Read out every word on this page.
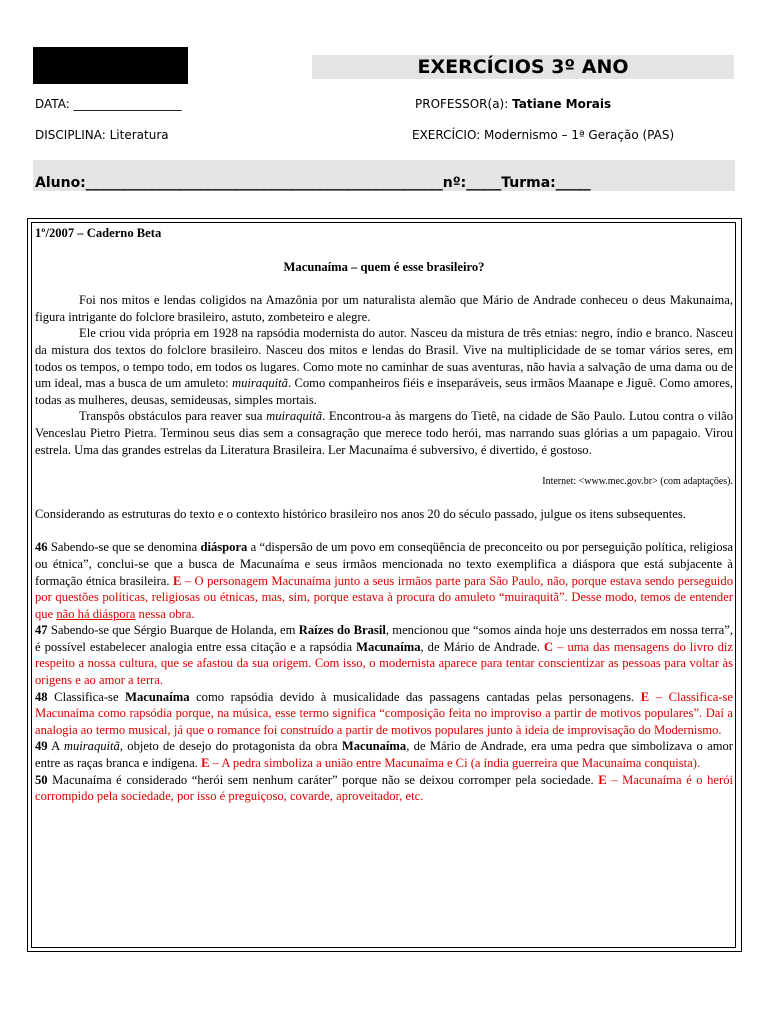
EXERCÍCIOS 3º ANO
DATA: __________________	PROFESSOR(a): Tatiane Morais
DISCIPLINA: Literatura	EXERCÍCIO: Modernismo – 1ª Geração (PAS)
Aluno:___________________________________________________nº:_____Turma:_____

1º/2007 – Caderno Beta

Macunaíma – quem é esse brasileiro?

Foi nos mitos e lendas coligidos na Amazônia por um naturalista alemão que Mário de Andrade conheceu o deus Makunaima, figura intrigante do folclore brasileiro, astuto, zombeteiro e alegre.

Ele criou vida própria em 1928 na rapsódia modernista do autor. Nasceu da mistura de três etnias: negro, índio e branco. Nasceu da mistura dos textos do folclore brasileiro. Nasceu dos mitos e lendas do Brasil. Vive na multiplicidade de se tomar vários seres, em todos os tempos, o tempo todo, em todos os lugares. Como mote no caminhar de suas aventuras, não havia a salvação de uma dama ou de um ideal, mas a busca de um amuleto: muiraquitã. Como companheiros fiéis e inseparáveis, seus irmãos Maanape e Jiguê. Como amores, todas as mulheres, deusas, semideusas, simples mortais.

Transpôs obstáculos para reaver sua muiraquitã. Encontrou-a às margens do Tietê, na cidade de São Paulo. Lutou contra o vilão Venceslau Pietro Pietra. Terminou seus dias sem a consagração que merece todo herói, mas narrando suas glórias a um papagaio. Virou estrela. Uma das grandes estrelas da Literatura Brasileira. Ler Macunaíma é subversivo, é divertido, é gostoso.

Internet: <www.mec.gov.br> (com adaptações).

Considerando as estruturas do texto e o contexto histórico brasileiro nos anos 20 do século passado, julgue os itens subsequentes.

46 Sabendo-se que se denomina diáspora a “dispersão de um povo em conseqüência de preconceito ou por perseguição política, religiosa ou étnica”, conclui-se que a busca de Macunaíma e seus irmãos mencionada no texto exemplifica a diáspora que está subjacente à formação étnica brasileira. E – O personagem Macunaíma junto a seus irmãos parte para São Paulo, não, porque estava sendo perseguido por questões políticas, religiosas ou étnicas, mas, sim, porque estava à procura do amuleto “muiraquitã”. Desse modo, temos de entender que não há diáspora nessa obra.

47 Sabendo-se que Sérgio Buarque de Holanda, em Raízes do Brasil, mencionou que “somos ainda hoje uns desterrados em nossa terra”, é possível estabelecer analogia entre essa citação e a rapsódia Macunaíma, de Mário de Andrade. C – uma das mensagens do livro diz respeito a nossa cultura, que se afastou da sua origem. Com isso, o modernista aparece para tentar conscientizar as pessoas para voltar às origens e ao amor a terra.

48 Classifica-se Macunaíma como rapsódia devido à musicalidade das passagens cantadas pelas personagens. E – Classifica-se Macunaíma como rapsódia porque, na música, esse termo significa “composição feita no improviso a partir de motivos populares”. Daí a analogia ao termo musical, já que o romance foi construído a partir de motivos populares junto à ideia de improvisação do Modernismo.

49 A muiraquitã, objeto de desejo do protagonista da obra Macunaíma, de Mário de Andrade, era uma pedra que simbolizava o amor entre as raças branca e indígena. E – A pedra simboliza a união entre Macunaíma e Ci (a índia guerreira que Macunaíma conquista).

50 Macunaíma é considerado “herói sem nenhum caráter” porque não se deixou corromper pela sociedade. E – Macunaíma é o herói corrompido pela sociedade, por isso é preguiçoso, covarde, aproveitador, etc.
